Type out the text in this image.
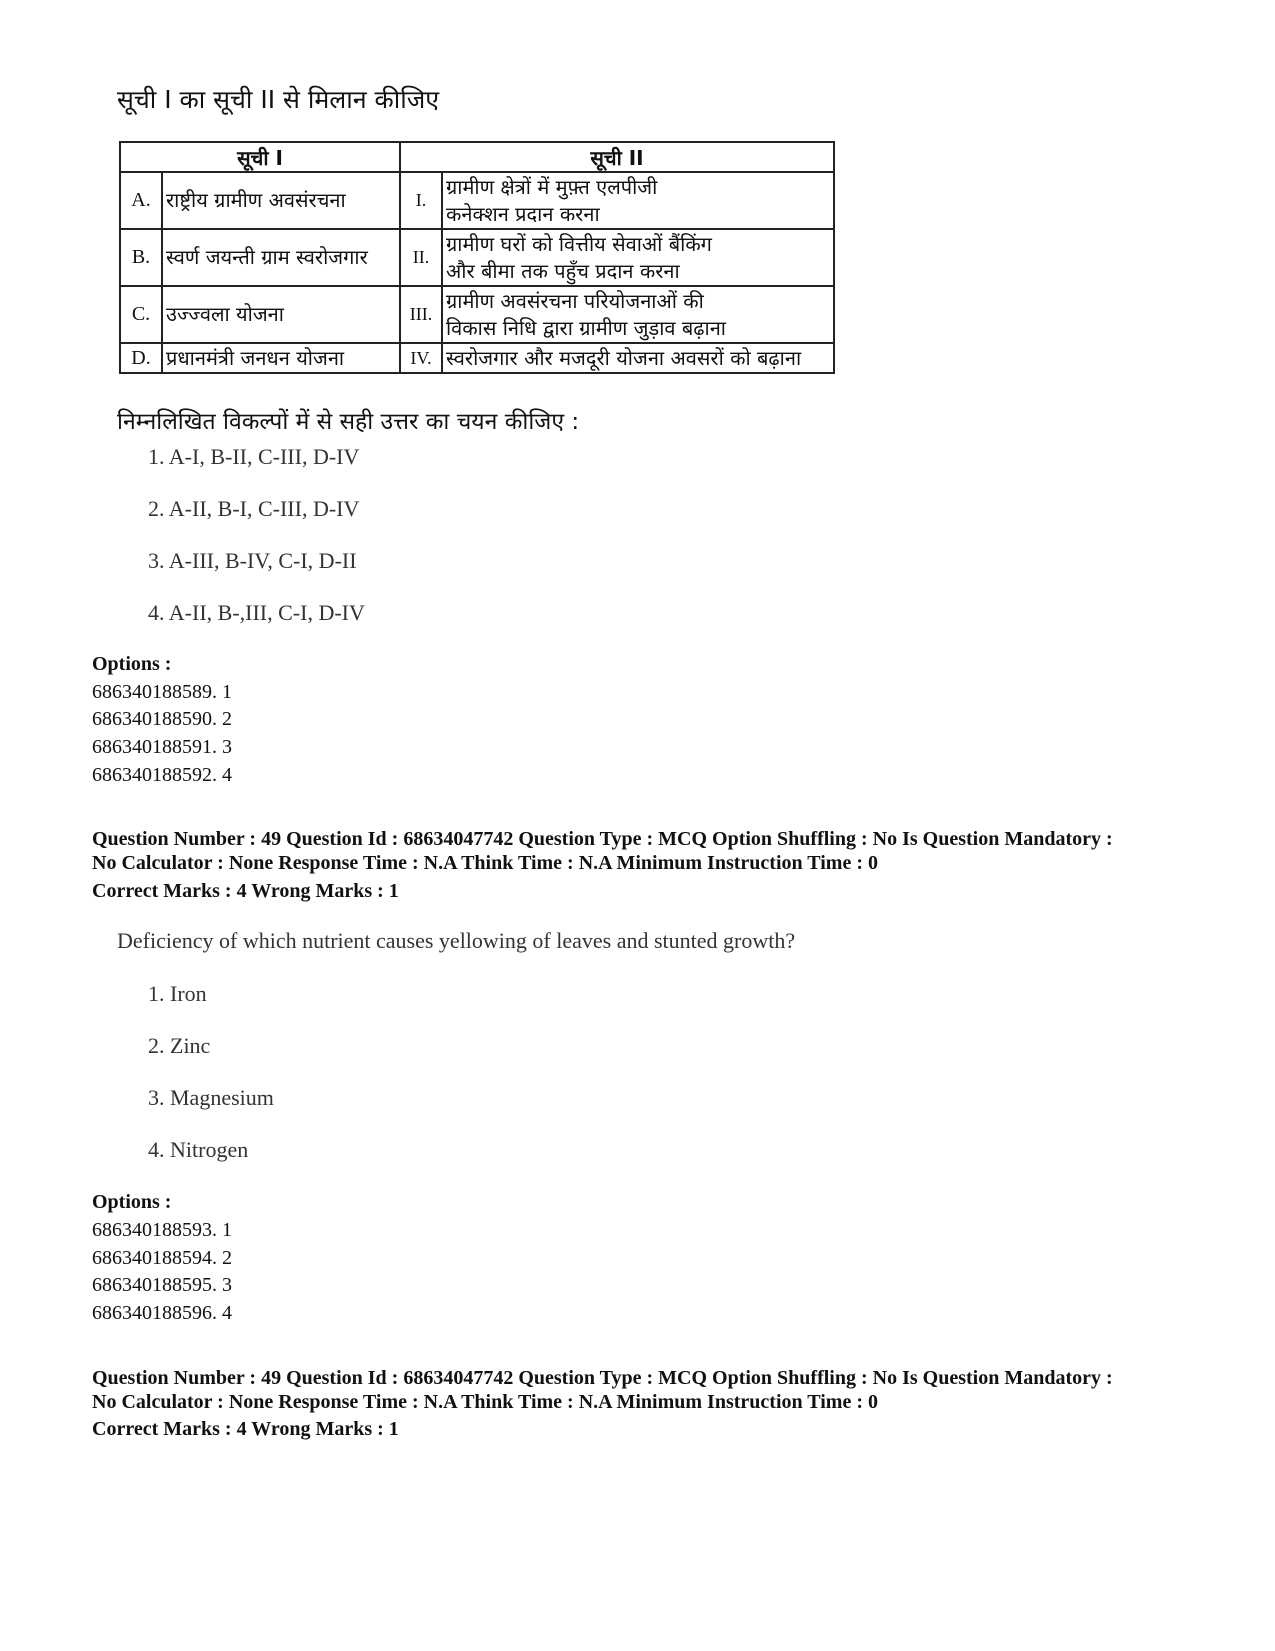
सूची I का सूची II से मिलान कीजिए
सूची I		सूची II	
A.	राष्ट्रीय ग्रामीण अवसंरचना	I.	ग्रामीण क्षेत्रों में मुफ़्त एलपीजी
कनेक्शन प्रदान करना
B.	स्वर्ण जयन्ती ग्राम स्वरोजगार	II.	ग्रामीण घरों को वित्तीय सेवाओं बैंकिंग
और बीमा तक पहुँच प्रदान करना
C.	उज्ज्वला योजना	III.	ग्रामीण अवसंरचना परियोजनाओं की
विकास निधि द्वारा ग्रामीण जुड़ाव बढ़ाना
D.	प्रधानमंत्री जनधन योजना	IV.	स्वरोजगार और मजदूरी योजना अवसरों को बढ़ाना
निम्नलिखित विकल्पों में से सही उत्तर का चयन कीजिए :
1. A-I, B-II, C-III, D-IV
2. A-II, B-I, C-III, D-IV
3. A-III, B-IV, C-I, D-II
4. A-II, B-,III, C-I, D-IV
Options :
686340188589. 1
686340188590. 2
686340188591. 3
686340188592. 4
Question Number : 49 Question Id : 68634047742 Question Type : MCQ Option Shuffling : No Is Question Mandatory :
No Calculator : None Response Time : N.A Think Time : N.A Minimum Instruction Time : 0
Correct Marks : 4 Wrong Marks : 1
Deficiency of which nutrient causes yellowing of leaves and stunted growth?
1. Iron
2. Zinc
3. Magnesium
4. Nitrogen
Options :
686340188593. 1
686340188594. 2
686340188595. 3
686340188596. 4
Question Number : 49 Question Id : 68634047742 Question Type : MCQ Option Shuffling : No Is Question Mandatory :
No Calculator : None Response Time : N.A Think Time : N.A Minimum Instruction Time : 0
Correct Marks : 4 Wrong Marks : 1
